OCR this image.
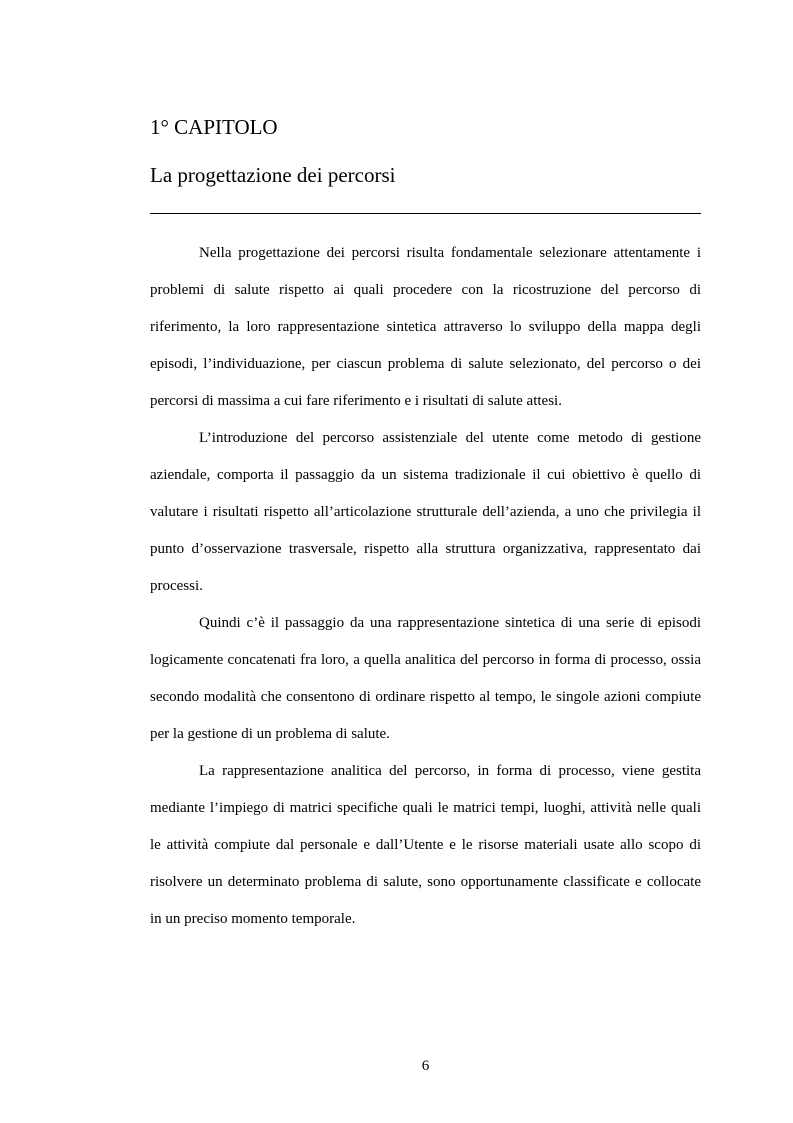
1° CAPITOLO
La progettazione dei percorsi

Nella progettazione dei percorsi risulta fondamentale selezionare attentamente i problemi di salute rispetto ai quali procedere con la ricostruzione del percorso di riferimento, la loro rappresentazione sintetica attraverso lo sviluppo della mappa degli episodi, l’individuazione, per ciascun problema di salute selezionato, del percorso o dei percorsi di massima a cui fare riferimento e i risultati di salute attesi.

L’introduzione del percorso assistenziale del utente come metodo di gestione aziendale, comporta il passaggio da un sistema tradizionale il cui obiettivo è quello di valutare i risultati rispetto all’articolazione strutturale dell’azienda, a uno che privilegia il punto d’osservazione trasversale, rispetto alla struttura organizzativa, rappresentato dai processi.

Quindi c’è il passaggio da una rappresentazione sintetica di una serie di episodi logicamente concatenati fra loro, a quella analitica del percorso in forma di processo, ossia secondo modalità che consentono di ordinare rispetto al tempo, le singole azioni compiute per la gestione di un problema di salute.

La rappresentazione analitica del percorso, in forma di processo, viene gestita mediante l’impiego di matrici specifiche quali le matrici tempi, luoghi, attività nelle quali le attività compiute dal personale e dall’Utente e le risorse materiali usate allo scopo di risolvere un determinato problema di salute, sono opportunamente classificate e collocate in un preciso momento temporale.

6
